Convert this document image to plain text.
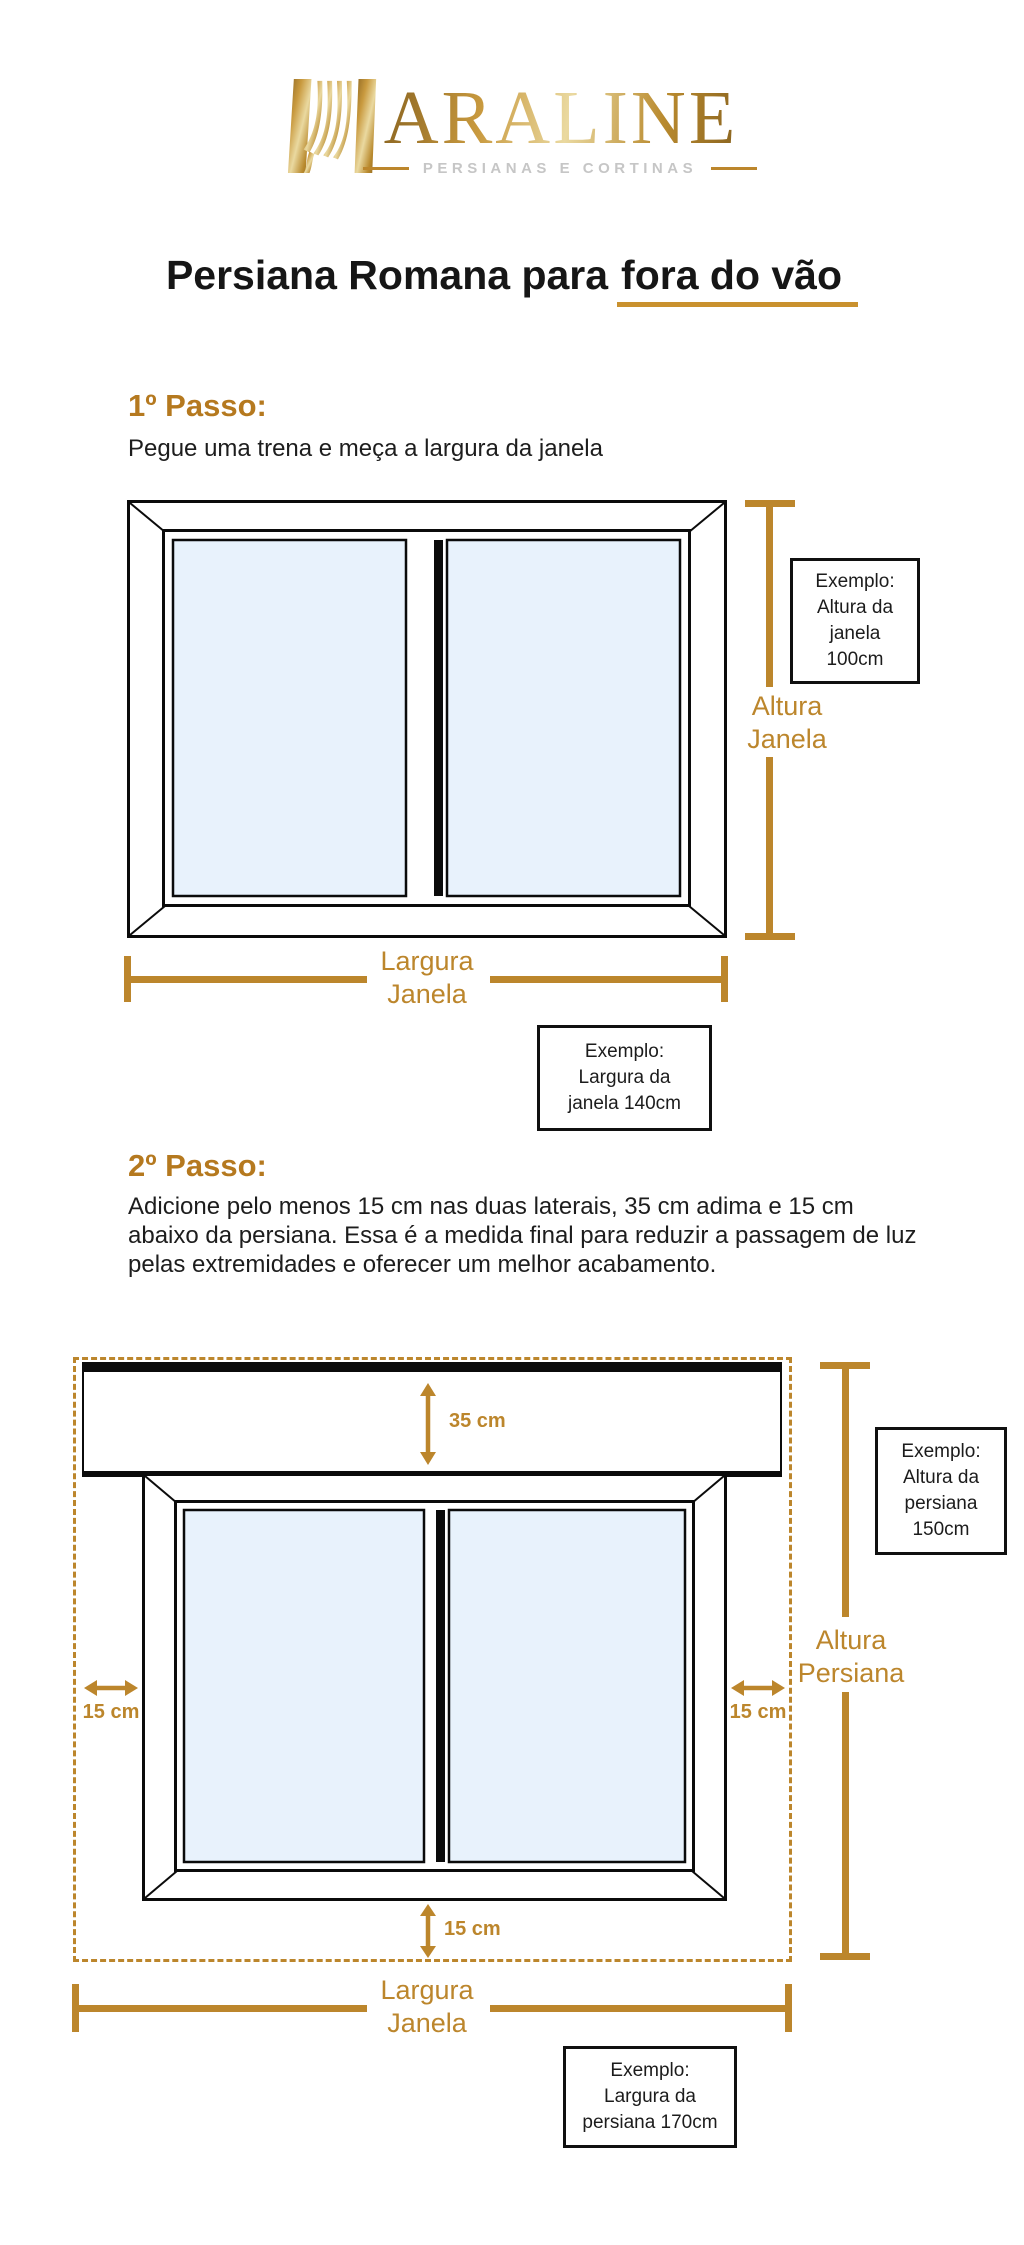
ARALINE
PERSIANAS E CORTINAS
Persiana Romana para fora do vão
1º Passo:
Pegue uma trena e meça a largura da janela
Altura
Janela
Exemplo:
Altura da
janela
100cm
Largura
Janela
Exemplo:
Largura da
janela 140cm
2º Passo:
Adicione pelo menos 15 cm nas duas laterais, 35 cm adima e 15 cm abaixo da persiana. Essa é a medida final para reduzir a passagem de luz pelas extremidades e oferecer um melhor acabamento.
35 cm
15 cm	15 cm
15 cm
Altura
Persiana
Exemplo:
Altura da
persiana
150cm
Largura
Janela
Exemplo:
Largura da
persiana 170cm
